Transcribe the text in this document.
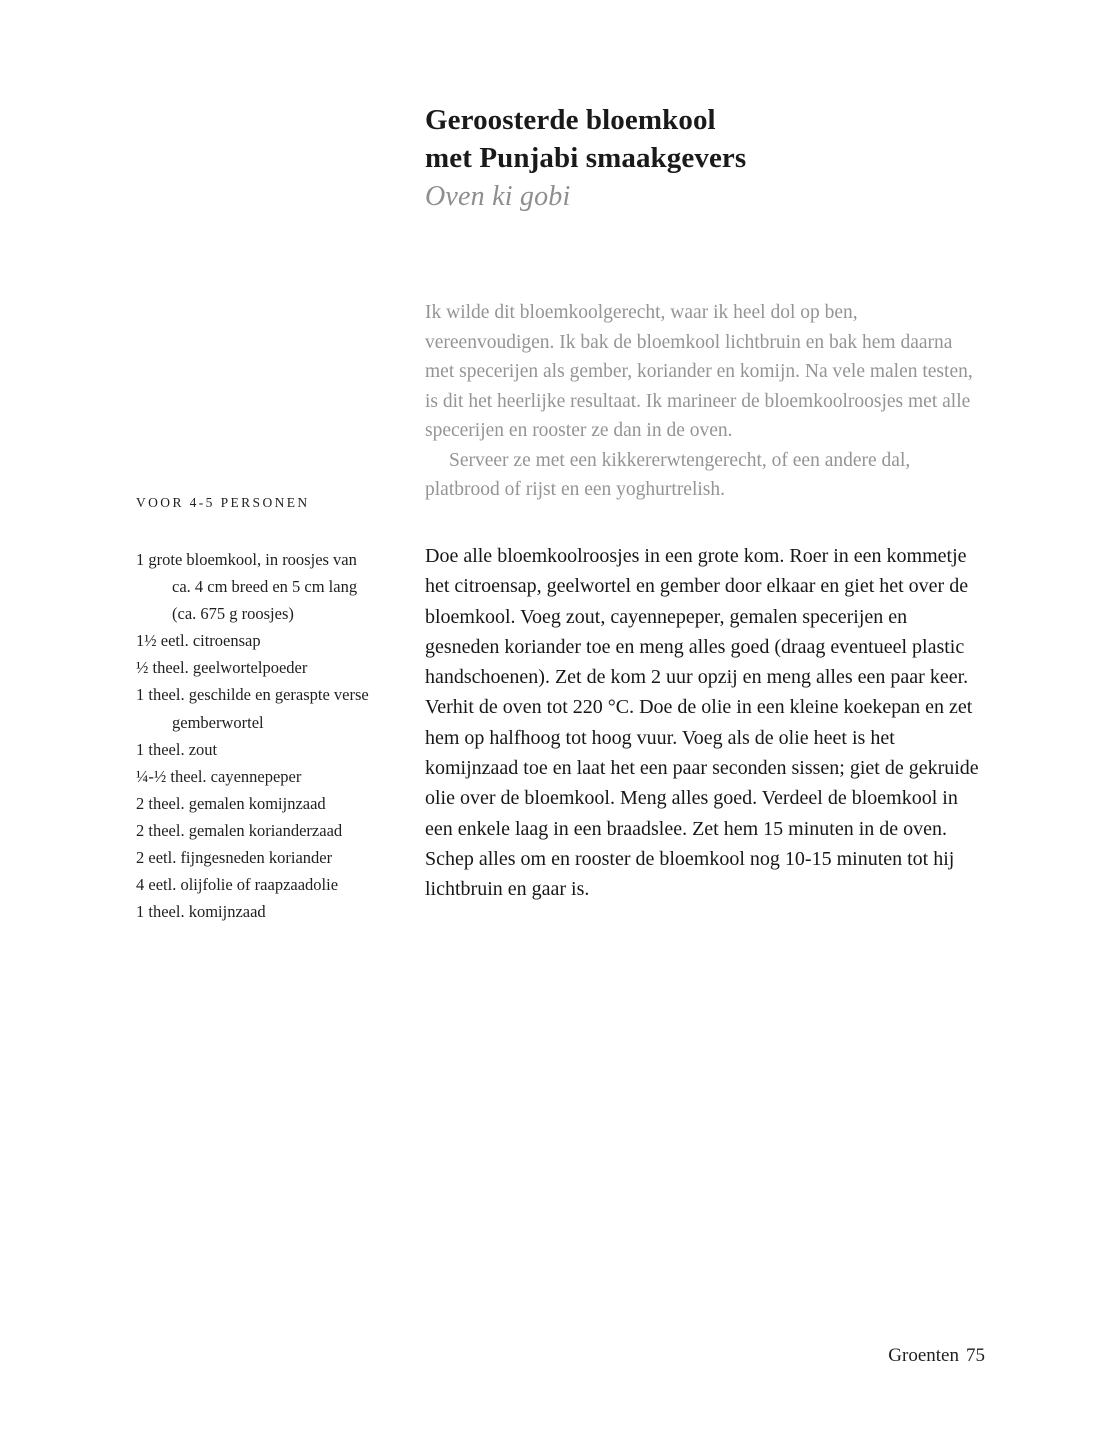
Geroosterde bloemkool
met Punjabi smaakgevers
Oven ki gobi

Ik wilde dit bloemkoolgerecht, waar ik heel dol op ben, vereenvoudigen. Ik bak de bloemkool lichtbruin en bak hem daarna met specerijen als gember, koriander en komijn. Na vele malen testen, is dit het heerlijke resultaat. Ik marineer de bloemkoolroosjes met alle specerijen en rooster ze dan in de oven.

Serveer ze met een kikkererwtengerecht, of een andere dal, platbrood of rijst en een yoghurtrelish.

VOOR 4-5 PERSONEN
1 grote bloemkool, in roosjes van
ca. 4 cm breed en 5 cm lang
(ca. 675 g roosjes)
1½ eetl. citroensap
½ theel. geelwortelpoeder
1 theel. geschilde en geraspte verse
gemberwortel
1 theel. zout
¼-½ theel. cayennepeper
2 theel. gemalen komijnzaad
2 theel. gemalen korianderzaad
2 eetl. fijngesneden koriander
4 eetl. olijfolie of raapzaadolie
1 theel. komijnzaad

Doe alle bloemkoolroosjes in een grote kom. Roer in een kommetje het citroensap, geelwortel en gember door elkaar en giet het over de bloemkool. Voeg zout, cayennepeper, gemalen specerijen en gesneden koriander toe en meng alles goed (draag eventueel plastic handschoenen). Zet de kom 2 uur opzij en meng alles een paar keer. Verhit de oven tot 220 °C. Doe de olie in een kleine koekepan en zet hem op halfhoog tot hoog vuur. Voeg als de olie heet is het komijnzaad toe en laat het een paar seconden sissen; giet de gekruide olie over de bloemkool. Meng alles goed. Verdeel de bloemkool in een enkele laag in een braadslee. Zet hem 15 minuten in de oven. Schep alles om en rooster de bloemkool nog 10-15 minuten tot hij lichtbruin en gaar is.

Groenten 75
